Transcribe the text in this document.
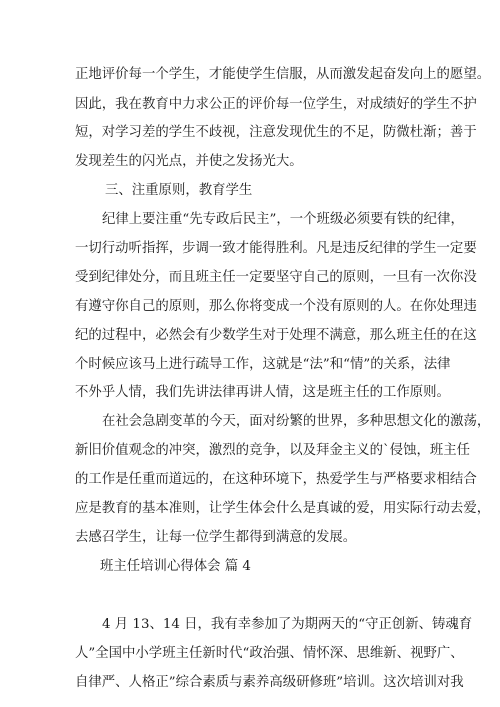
正地评价每一个学生，才能使学生信服，从而激发起奋发向上的愿望。
因此，我在教育中力求公正的评价每一位学生，对成绩好的学生不护
短，对学习差的学生不歧视，注意发现优生的不足，防微杜渐；善于
发现差生的闪光点，并使之发扬光大。
三、注重原则，教育学生
纪律上要注重“先专政后民主”，一个班级必须要有铁的纪律，
一切行动听指挥，步调一致才能得胜利。凡是违反纪律的学生一定要
受到纪律处分，而且班主任一定要坚守自己的原则，一旦有一次你没
有遵守你自己的原则，那么你将变成一个没有原则的人。在你处理违
纪的过程中，必然会有少数学生对于处理不满意，那么班主任的在这
个时候应该马上进行疏导工作，这就是“法”和“情”的关系，法律
不外乎人情，我们先讲法律再讲人情，这是班主任的工作原则。
在社会急剧变革的今天，面对纷繁的世界，多种思想文化的激荡，
新旧价值观念的冲突，激烈的竞争，以及拜金主义的`侵蚀，班主任
的工作是任重而道远的，在这种环境下，热爱学生与严格要求相结合
应是教育的基本准则，让学生体会什么是真诚的爱，用实际行动去爱，
去感召学生，让每一位学生都得到满意的发展。
班主任培训心得体会 篇 4
4 月 13、14 日，我有幸参加了为期两天的“守正创新、铸魂育
人”全国中小学班主任新时代“政治强、情怀深、思维新、视野广、
自律严、人格正”综合素质与素养高级研修班”培训。这次培训对我
